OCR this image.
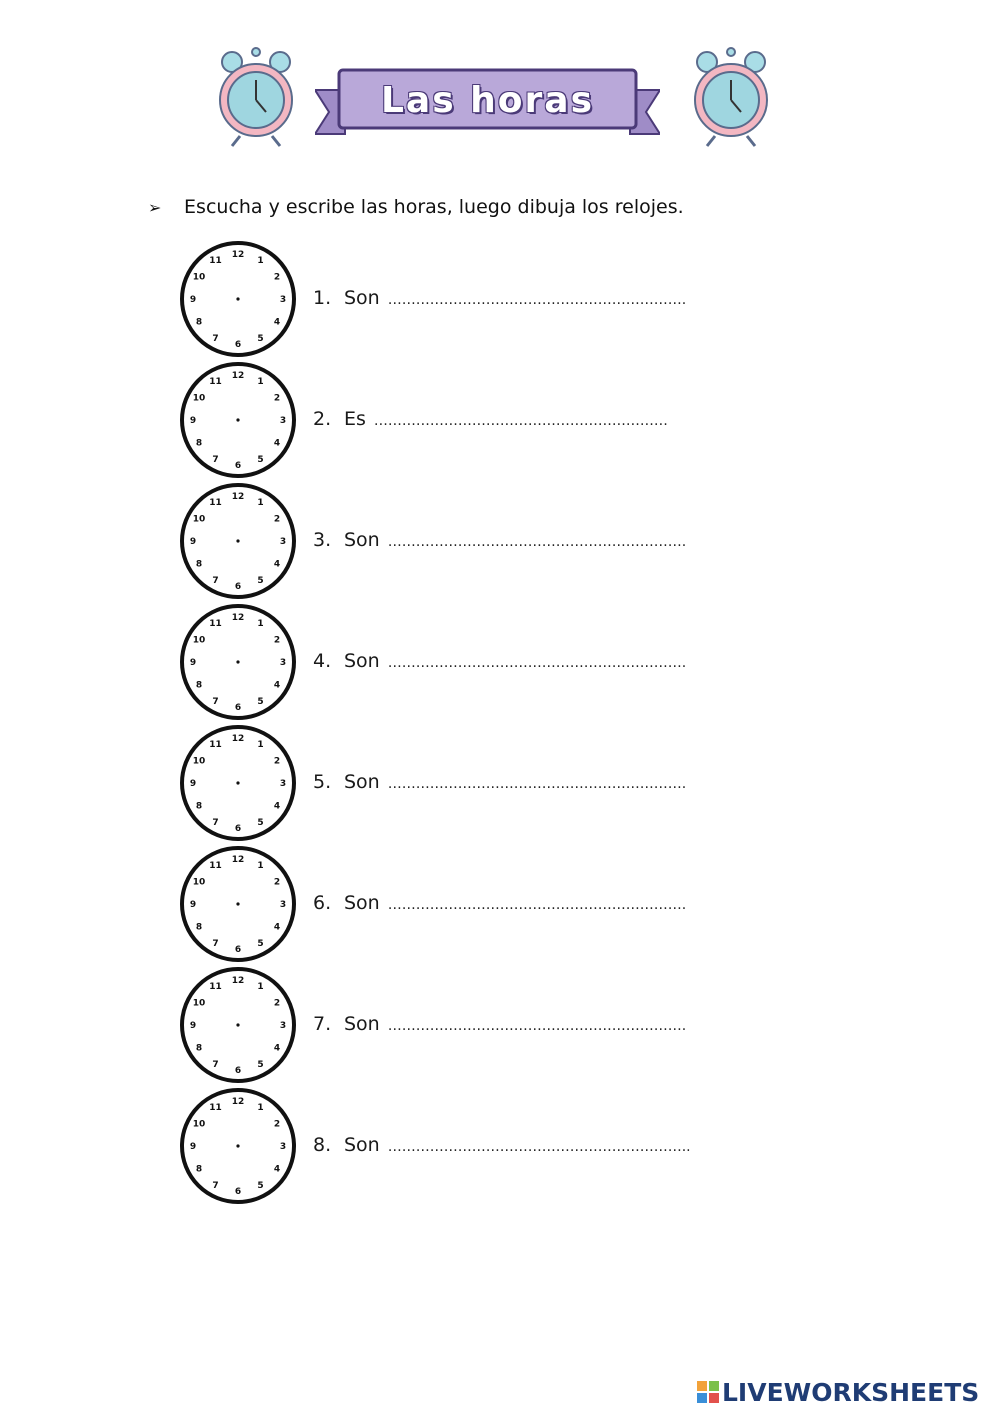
Las horas
➢ Escucha y escribe las horas, luego dibuja los relojes.
12
1
2
3
4
5
6
7
8
9
10
11
1. Son ……………………………………………………….
12
1
2
3
4
5
6
7
8
9
10
11
2. Es ………………………………………………………
12
1
2
3
4
5
6
7
8
9
10
11
3. Son ……………………………………………………….
12
1
2
3
4
5
6
7
8
9
10
11
4. Son ……………………………………………………….
12
1
2
3
4
5
6
7
8
9
10
11
5. Son ……………………………………………………….
12
1
2
3
4
5
6
7
8
9
10
11
6. Son ……………………………………………………….
12
1
2
3
4
5
6
7
8
9
10
11
7. Son ……………………………………………………….
12
1
2
3
4
5
6
7
8
9
10
11
8. Son ………………………………………………………..
LIVEWORKSHEETS
